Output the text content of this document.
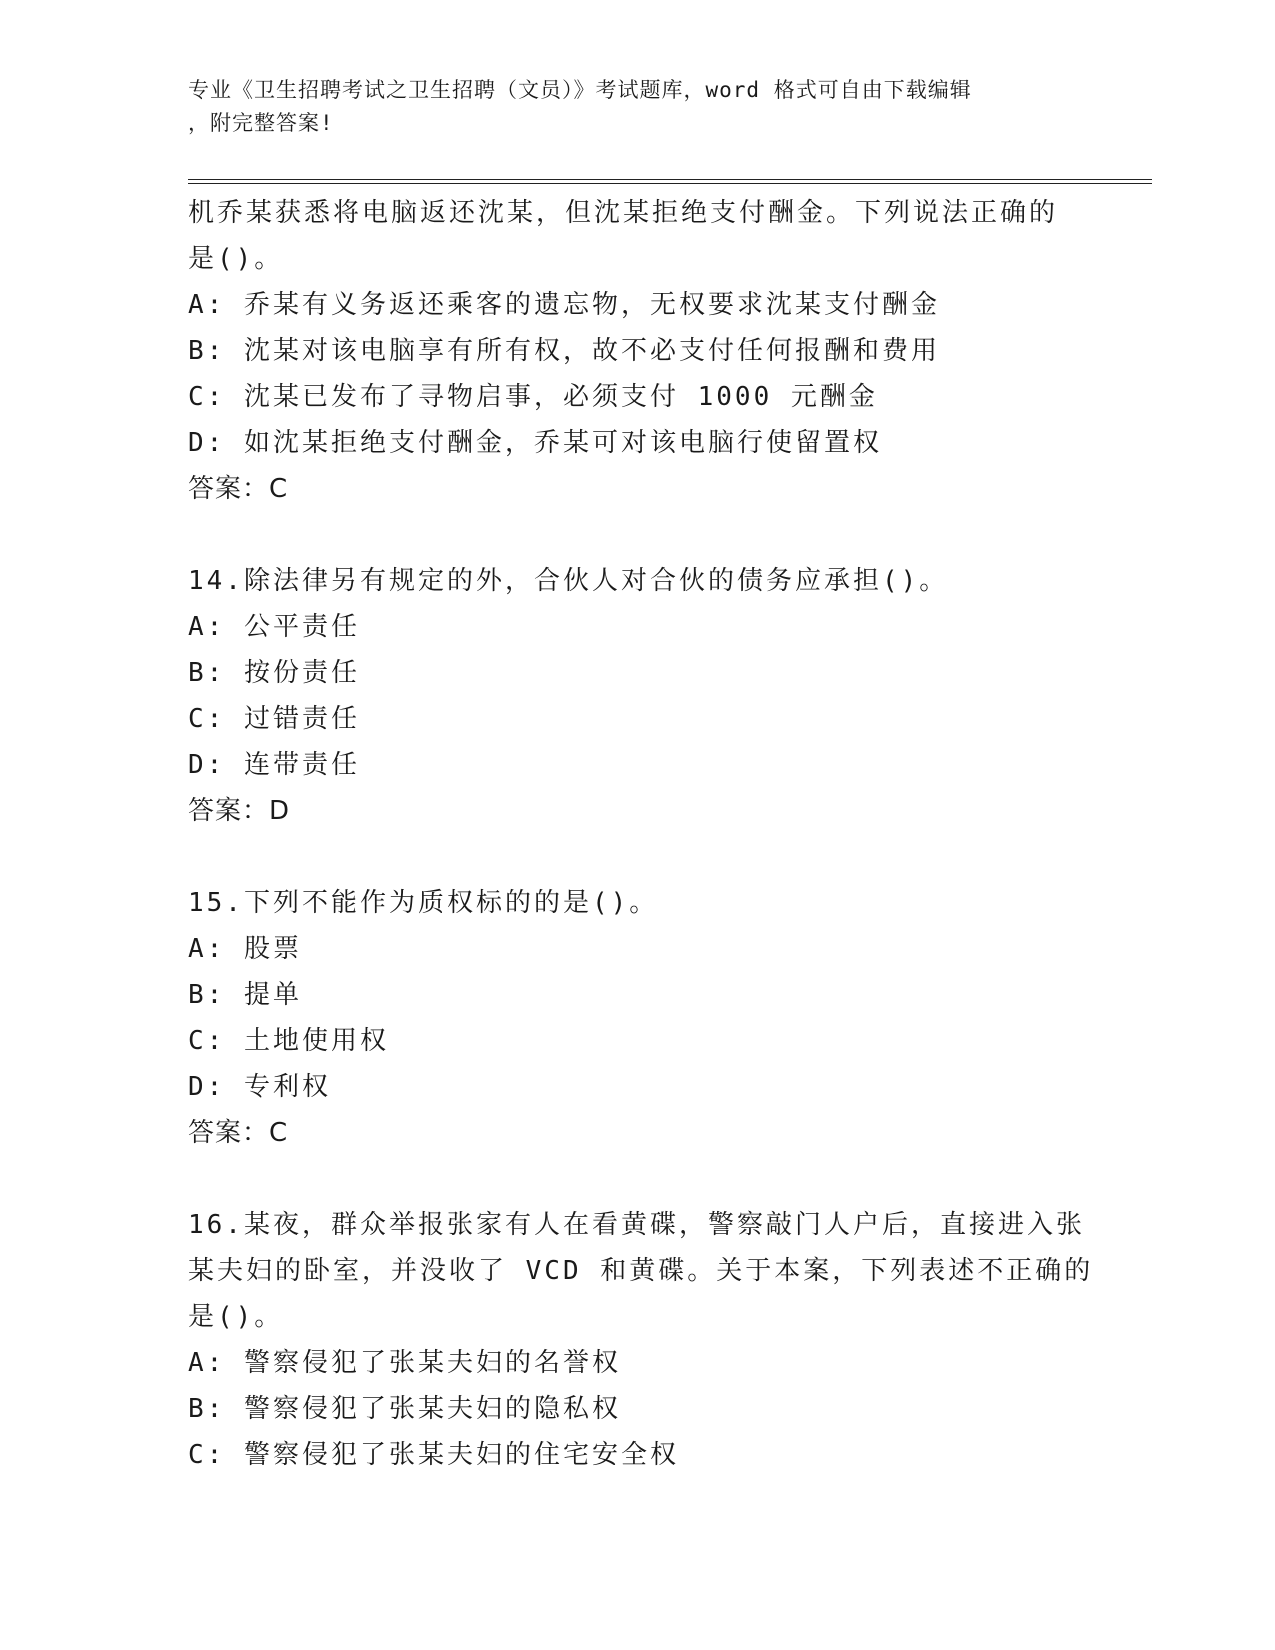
专业《卫生招聘考试之卫生招聘（文员）》考试题库，word 格式可自由下载编辑
，附完整答案!
机乔某获悉将电脑返还沈某，但沈某拒绝支付酬金。下列说法正确的
是()。
A: 乔某有义务返还乘客的遗忘物，无权要求沈某支付酬金
B: 沈某对该电脑享有所有权，故不必支付任何报酬和费用
C: 沈某已发布了寻物启事，必须支付 1000 元酬金
D: 如沈某拒绝支付酬金，乔某可对该电脑行使留置权
答案：C
14.除法律另有规定的外，合伙人对合伙的债务应承担()。
A: 公平责任
B: 按份责任
C: 过错责任
D: 连带责任
答案：D
15.下列不能作为质权标的的是()。
A: 股票
B: 提单
C: 土地使用权
D: 专利权
答案：C
16.某夜，群众举报张家有人在看黄碟，警察敲门人户后，直接进入张
某夫妇的卧室，并没收了 VCD 和黄碟。关于本案，下列表述不正确的
是()。
A: 警察侵犯了张某夫妇的名誉权
B: 警察侵犯了张某夫妇的隐私权
C: 警察侵犯了张某夫妇的住宅安全权
